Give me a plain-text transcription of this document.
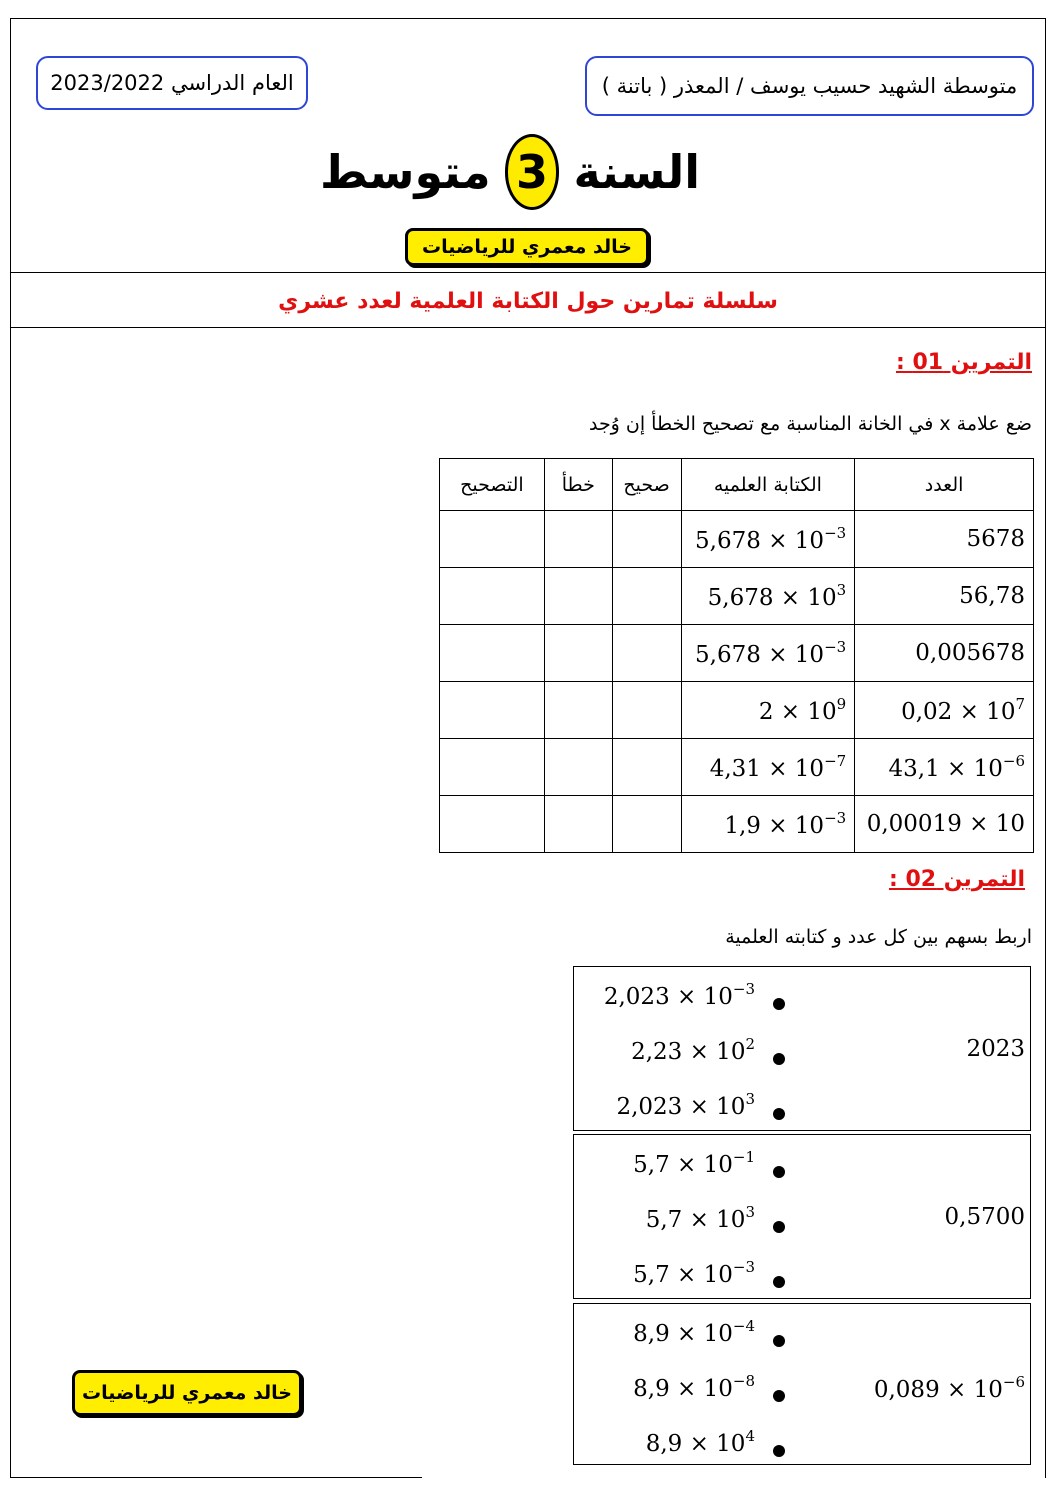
متوسطة الشهيد حسيب يوسف / المعذر ( باتنة )
العام الدراسي 2023/2022
السنة
3
متوسط
خالد معمري للرياضيات
سلسلة تمارين حول الكتابة العلمية لعدد عشري
التمرين 01 :
ضع علامة x في الخانة المناسبة مع تصحيح الخطأ إن وُجد
التصحيح	خطأ	صحيح	الكتابة العلميه	العدد
			$5,678 \times 10^{-3}$	5678
			$5,678 \times 10^3$	56,78
			$5,678 \times 10^{-3}$	0,005678
			$2 \times 10^9$	$0,02 \times 10^7$
			$4,31 \times 10^{-7}$	$43,1 \times 10^{-6}$
			$1,9 \times 10^{-3}$	0,00019 × 10
التمرين 02 :
اربط بسهم بين كل عدد و كتابته العلمية
$2,023 \times 10^{-3}$
$2,23 \times 10^2$
$2,023 \times 10^3$
2023
$5,7 \times 10^{-1}$
$5,7 \times 10^3$
$5,7 \times 10^{-3}$
0,5700
$8,9 \times 10^{-4}$
$8,9 \times 10^{-8}$
$8,9 \times 10^4$
$0,089 \times 10^{-6}$
خالد معمري للرياضيات
